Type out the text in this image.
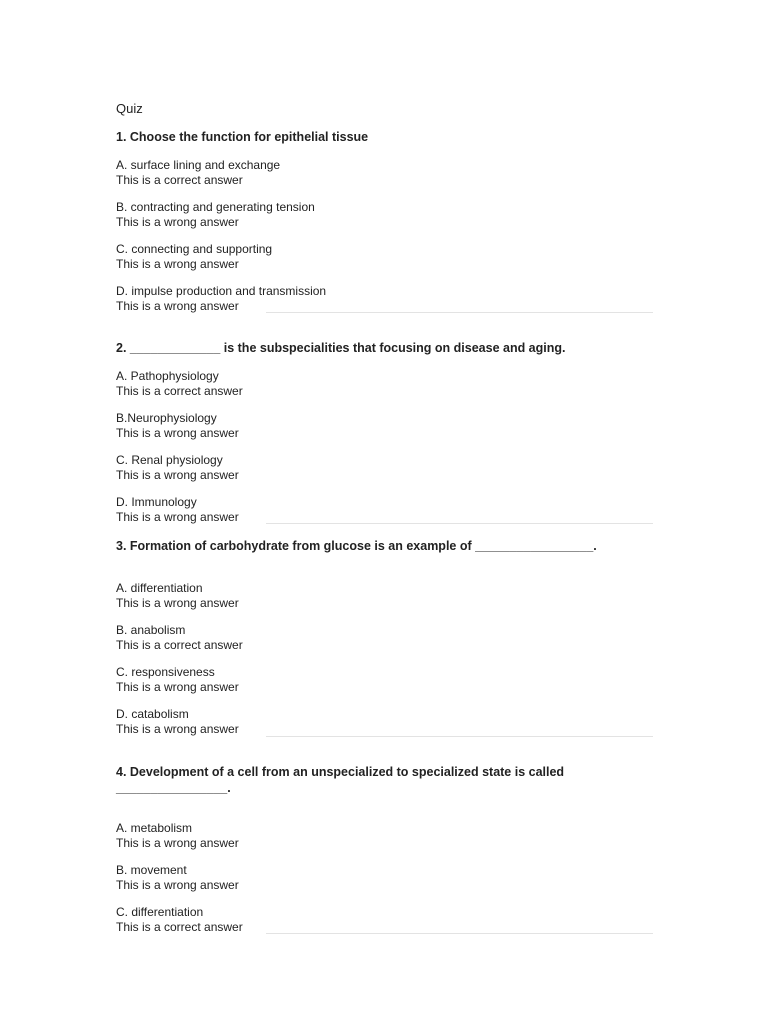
Quiz
1. Choose the function for epithelial tissue
A. surface lining and exchange
This is a correct answer
B. contracting and generating tension
This is a wrong answer
C. connecting and supporting
This is a wrong answer
D. impulse production and transmission
This is a wrong answer
2. _____________ is the subspecialities that focusing on disease and aging.
A. Pathophysiology
This is a correct answer
B.Neurophysiology
This is a wrong answer
C. Renal physiology
This is a wrong answer
D. Immunology
This is a wrong answer
3. Formation of carbohydrate from glucose is an example of _________________.
A. differentiation
This is a wrong answer
B. anabolism
This is a correct answer
C. responsiveness
This is a wrong answer
D. catabolism
This is a wrong answer
4. Development of a cell from an unspecialized to specialized state is called ________________.
A. metabolism
This is a wrong answer
B. movement
This is a wrong answer
C. differentiation
This is a correct answer
